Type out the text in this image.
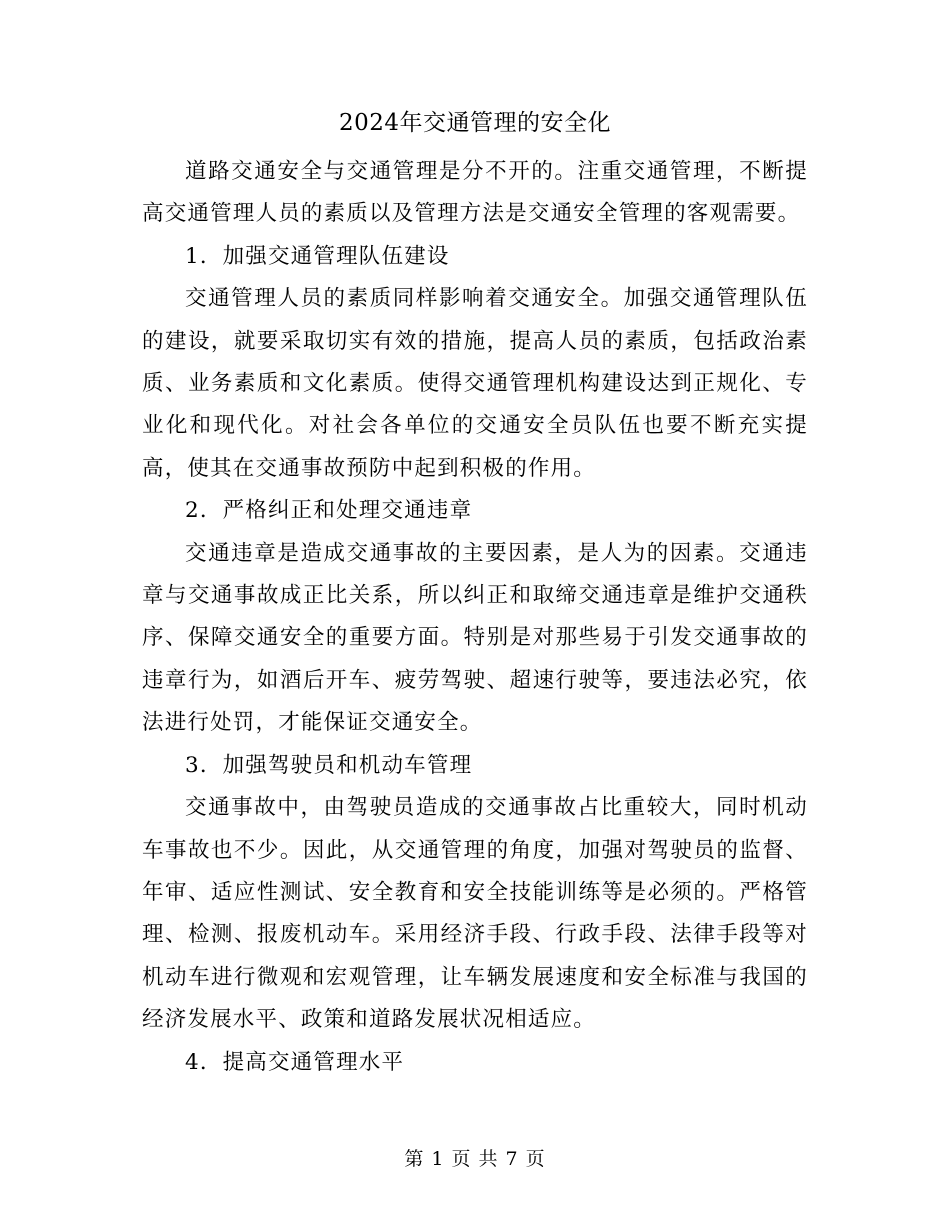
2024年交通管理的安全化

道路交通安全与交通管理是分不开的。注重交通管理，不断提高交通管理人员的素质以及管理方法是交通安全管理的客观需要。

1．加强交通管理队伍建设

交通管理人员的素质同样影响着交通安全。加强交通管理队伍的建设，就要采取切实有效的措施，提高人员的素质，包括政治素质、业务素质和文化素质。使得交通管理机构建设达到正规化、专业化和现代化。对社会各单位的交通安全员队伍也要不断充实提高，使其在交通事故预防中起到积极的作用。

2．严格纠正和处理交通违章

交通违章是造成交通事故的主要因素，是人为的因素。交通违章与交通事故成正比关系，所以纠正和取缔交通违章是维护交通秩序、保障交通安全的重要方面。特别是对那些易于引发交通事故的违章行为，如酒后开车、疲劳驾驶、超速行驶等，要违法必究，依法进行处罚，才能保证交通安全。

3．加强驾驶员和机动车管理

交通事故中，由驾驶员造成的交通事故占比重较大，同时机动车事故也不少。因此，从交通管理的角度，加强对驾驶员的监督、年审、适应性测试、安全教育和安全技能训练等是必须的。严格管理、检测、报废机动车。采用经济手段、行政手段、法律手段等对机动车进行微观和宏观管理，让车辆发展速度和安全标准与我国的经济发展水平、政策和道路发展状况相适应。

4．提高交通管理水平

第 1 页 共 7 页
